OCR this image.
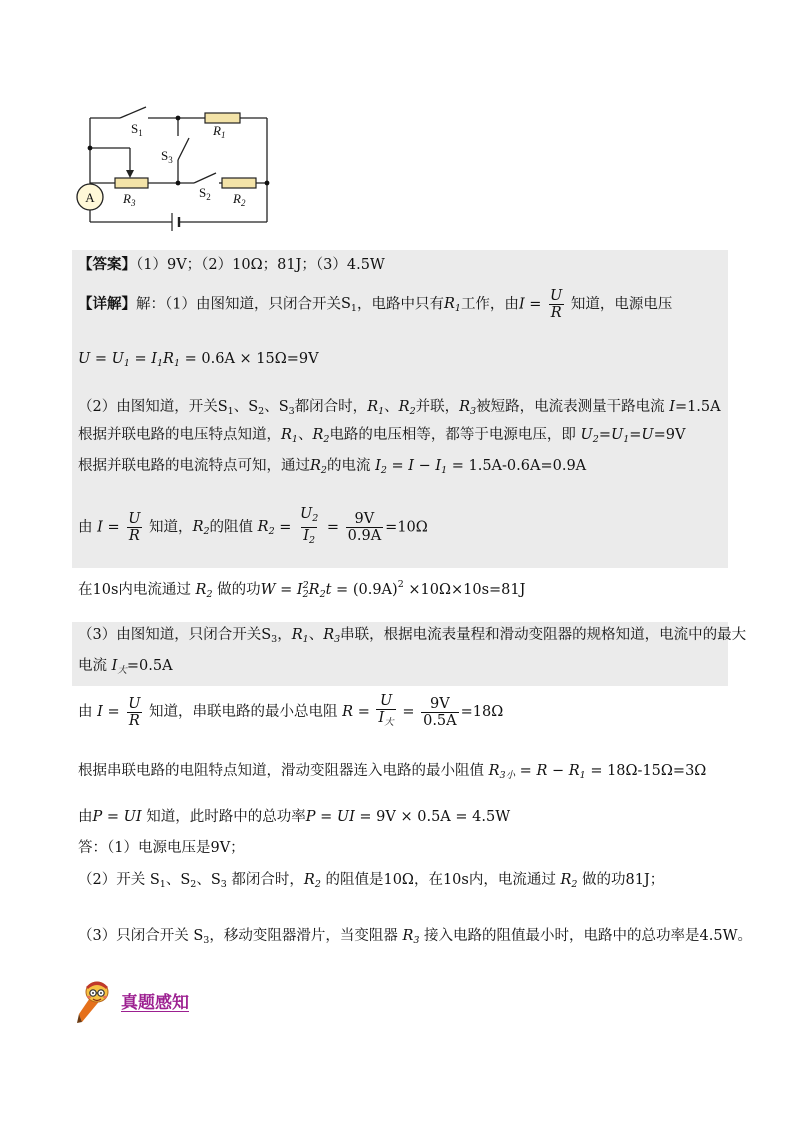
A
$S_1$	$R_1$
$S_3$
$R_3$
$S_2$ $R_2$
【答案】（1）9V；（2）10Ω；81J；（3）4.5W
【详解】解：（1）由图知道，只闭合开关$S_1$，电路中只有$R_1$工作，由$I = \frac{U}{R}$ 知道，电源电压
$U = U_1 = I_1R_1 = 0.6A \times 15\Omega=9V$
（2）由图知道，开关$S_1$、$S_2$、$S_3$都闭合时，$R_1$、$R_2$并联，$R_3$被短路，电流表测量干路电流 I=1.5A
根据并联电路的电压特点知道，$R_1$、$R_2$电路的电压相等，都等于电源电压，即 $U_2=U_1=U=9V$
根据并联电路的电流特点可知，通过$R_2$的电流 $I_2 = I - I_1 = 1.5A-0.6A=0.9A$
由 $I = \frac{U}{R}$ 知道，$R_2$的阻值 $R_2 = \frac{U_2}{I_2} = \frac{9V}{0.9A} =10\Omega$
在10s内电流通过 $R_2$ 做的功W = I 2
2 $R_2t = (0.9A)^2 \times 10\Omega\times 10s=81J$
（3）由图知道，只闭合开关$S_3$，$R_1$、$R_3$串联，根据电流表量程和滑动变阻器的规格知道，电流中的最大
电流 $I_大=0.5A$
由 $I = \frac{U}{R}$ 知道，串联电路的最小总电阻 $R = \frac{U}{I_大} = \frac{9V}{0.5A} =18\Omega$
根据串联电路的电阻特点知道，滑动变阻器连入电路的最小阻值 $R_{3小} = R - R_1 = 18\Omega-15\Omega=3\Omega$
由P = UI 知道，此时路中的总功率P = UI = 9V × 0.5A = 4.5W
答：（1）电源电压是9V；
（2）开关 $S_1$、$S_2$、$S_3$ 都闭合时，$R_2$ 的阻值是10Ω，在10s内，电流通过 $R_2$ 做的功81J；
（3）只闭合开关 $S_3$，移动变阻器滑片，当变阻器 $R_3$ 接入电路的阻值最小时，电路中的总功率是4.5W。
真题感知
